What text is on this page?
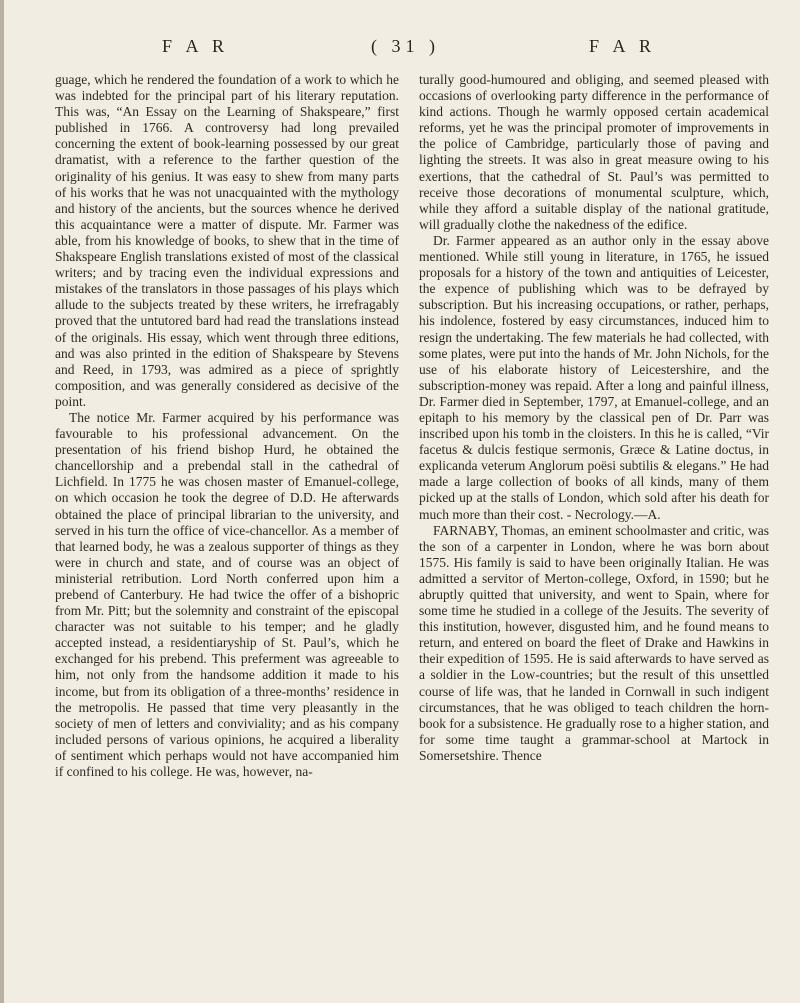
F A R	( 31 )	F A R

guage, which he rendered the foundation of a work to which he was indebted for the principal part of his literary reputation. This was, “An Essay on the Learning of Shakspeare,” first published in 1766. A controversy had long prevailed concerning the extent of book-learning possessed by our great dramatist, with a reference to the farther question of the originality of his genius. It was easy to shew from many parts of his works that he was not unacquainted with the mythology and history of the ancients, but the sources whence he derived this acquaintance were a matter of dispute. Mr. Farmer was able, from his knowledge of books, to shew that in the time of Shakspeare English translations existed of most of the classical writers; and by tracing even the individual expressions and mistakes of the translators in those passages of his plays which allude to the subjects treated by these writers, he irrefragably proved that the untutored bard had read the translations instead of the originals. His essay, which went through three editions, and was also printed in the edition of Shakspeare by Stevens and Reed, in 1793, was admired as a piece of sprightly composition, and was generally considered as decisive of the point.

The notice Mr. Farmer acquired by his performance was favourable to his professional advancement. On the presentation of his friend bishop Hurd, he obtained the chancellorship and a prebendal stall in the cathedral of Lichfield. In 1775 he was chosen master of Emanuel-college, on which occasion he took the degree of D.D. He afterwards obtained the place of principal librarian to the university, and served in his turn the office of vice-chancellor. As a member of that learned body, he was a zealous supporter of things as they were in church and state, and of course was an object of ministerial retribution. Lord North conferred upon him a prebend of Canterbury. He had twice the offer of a bishopric from Mr. Pitt; but the solemnity and constraint of the episcopal character was not suitable to his temper; and he gladly accepted instead, a residentiaryship of St. Paul’s, which he exchanged for his prebend. This preferment was agreeable to him, not only from the handsome addition it made to his income, but from its obligation of a three-months’ residence in the metropolis. He passed that time very pleasantly in the society of men of letters and conviviality; and as his company included persons of various opinions, he acquired a liberality of sentiment which perhaps would not have accompanied him if confined to his college. He was, however, na-

turally good-humoured and obliging, and seemed pleased with occasions of overlooking party difference in the performance of kind actions. Though he warmly opposed certain academical reforms, yet he was the principal promoter of improvements in the police of Cambridge, particularly those of paving and lighting the streets. It was also in great measure owing to his exertions, that the cathedral of St. Paul’s was permitted to receive those decorations of monumental sculpture, which, while they afford a suitable display of the national gratitude, will gradually clothe the nakedness of the edifice.

Dr. Farmer appeared as an author only in the essay above mentioned. While still young in literature, in 1765, he issued proposals for a history of the town and antiquities of Leicester, the expence of publishing which was to be defrayed by subscription. But his increasing occupations, or rather, perhaps, his indolence, fostered by easy circumstances, induced him to resign the undertaking. The few materials he had collected, with some plates, were put into the hands of Mr. John Nichols, for the use of his elaborate history of Leicestershire, and the subscription-money was repaid. After a long and painful illness, Dr. Farmer died in September, 1797, at Emanuel-college, and an epitaph to his memory by the classical pen of Dr. Parr was inscribed upon his tomb in the cloisters. In this he is called, “Vir facetus & dulcis festique sermonis, Græce & Latine doctus, in explicanda veterum Anglorum poësi subtilis & elegans.” He had made a large collection of books of all kinds, many of them picked up at the stalls of London, which sold after his death for much more than their cost. - Necrology.—A.

FARNABY, Thomas, an eminent schoolmaster and critic, was the son of a carpenter in London, where he was born about 1575. His family is said to have been originally Italian. He was admitted a servitor of Merton-college, Oxford, in 1590; but he abruptly quitted that university, and went to Spain, where for some time he studied in a college of the Jesuits. The severity of this institution, however, disgusted him, and he found means to return, and entered on board the fleet of Drake and Hawkins in their expedition of 1595. He is said afterwards to have served as a soldier in the Low-countries; but the result of this unsettled course of life was, that he landed in Cornwall in such indigent circumstances, that he was obliged to teach children the horn-book for a subsistence. He gradually rose to a higher station, and for some time taught a grammar-school at Martock in Somersetshire. Thence
